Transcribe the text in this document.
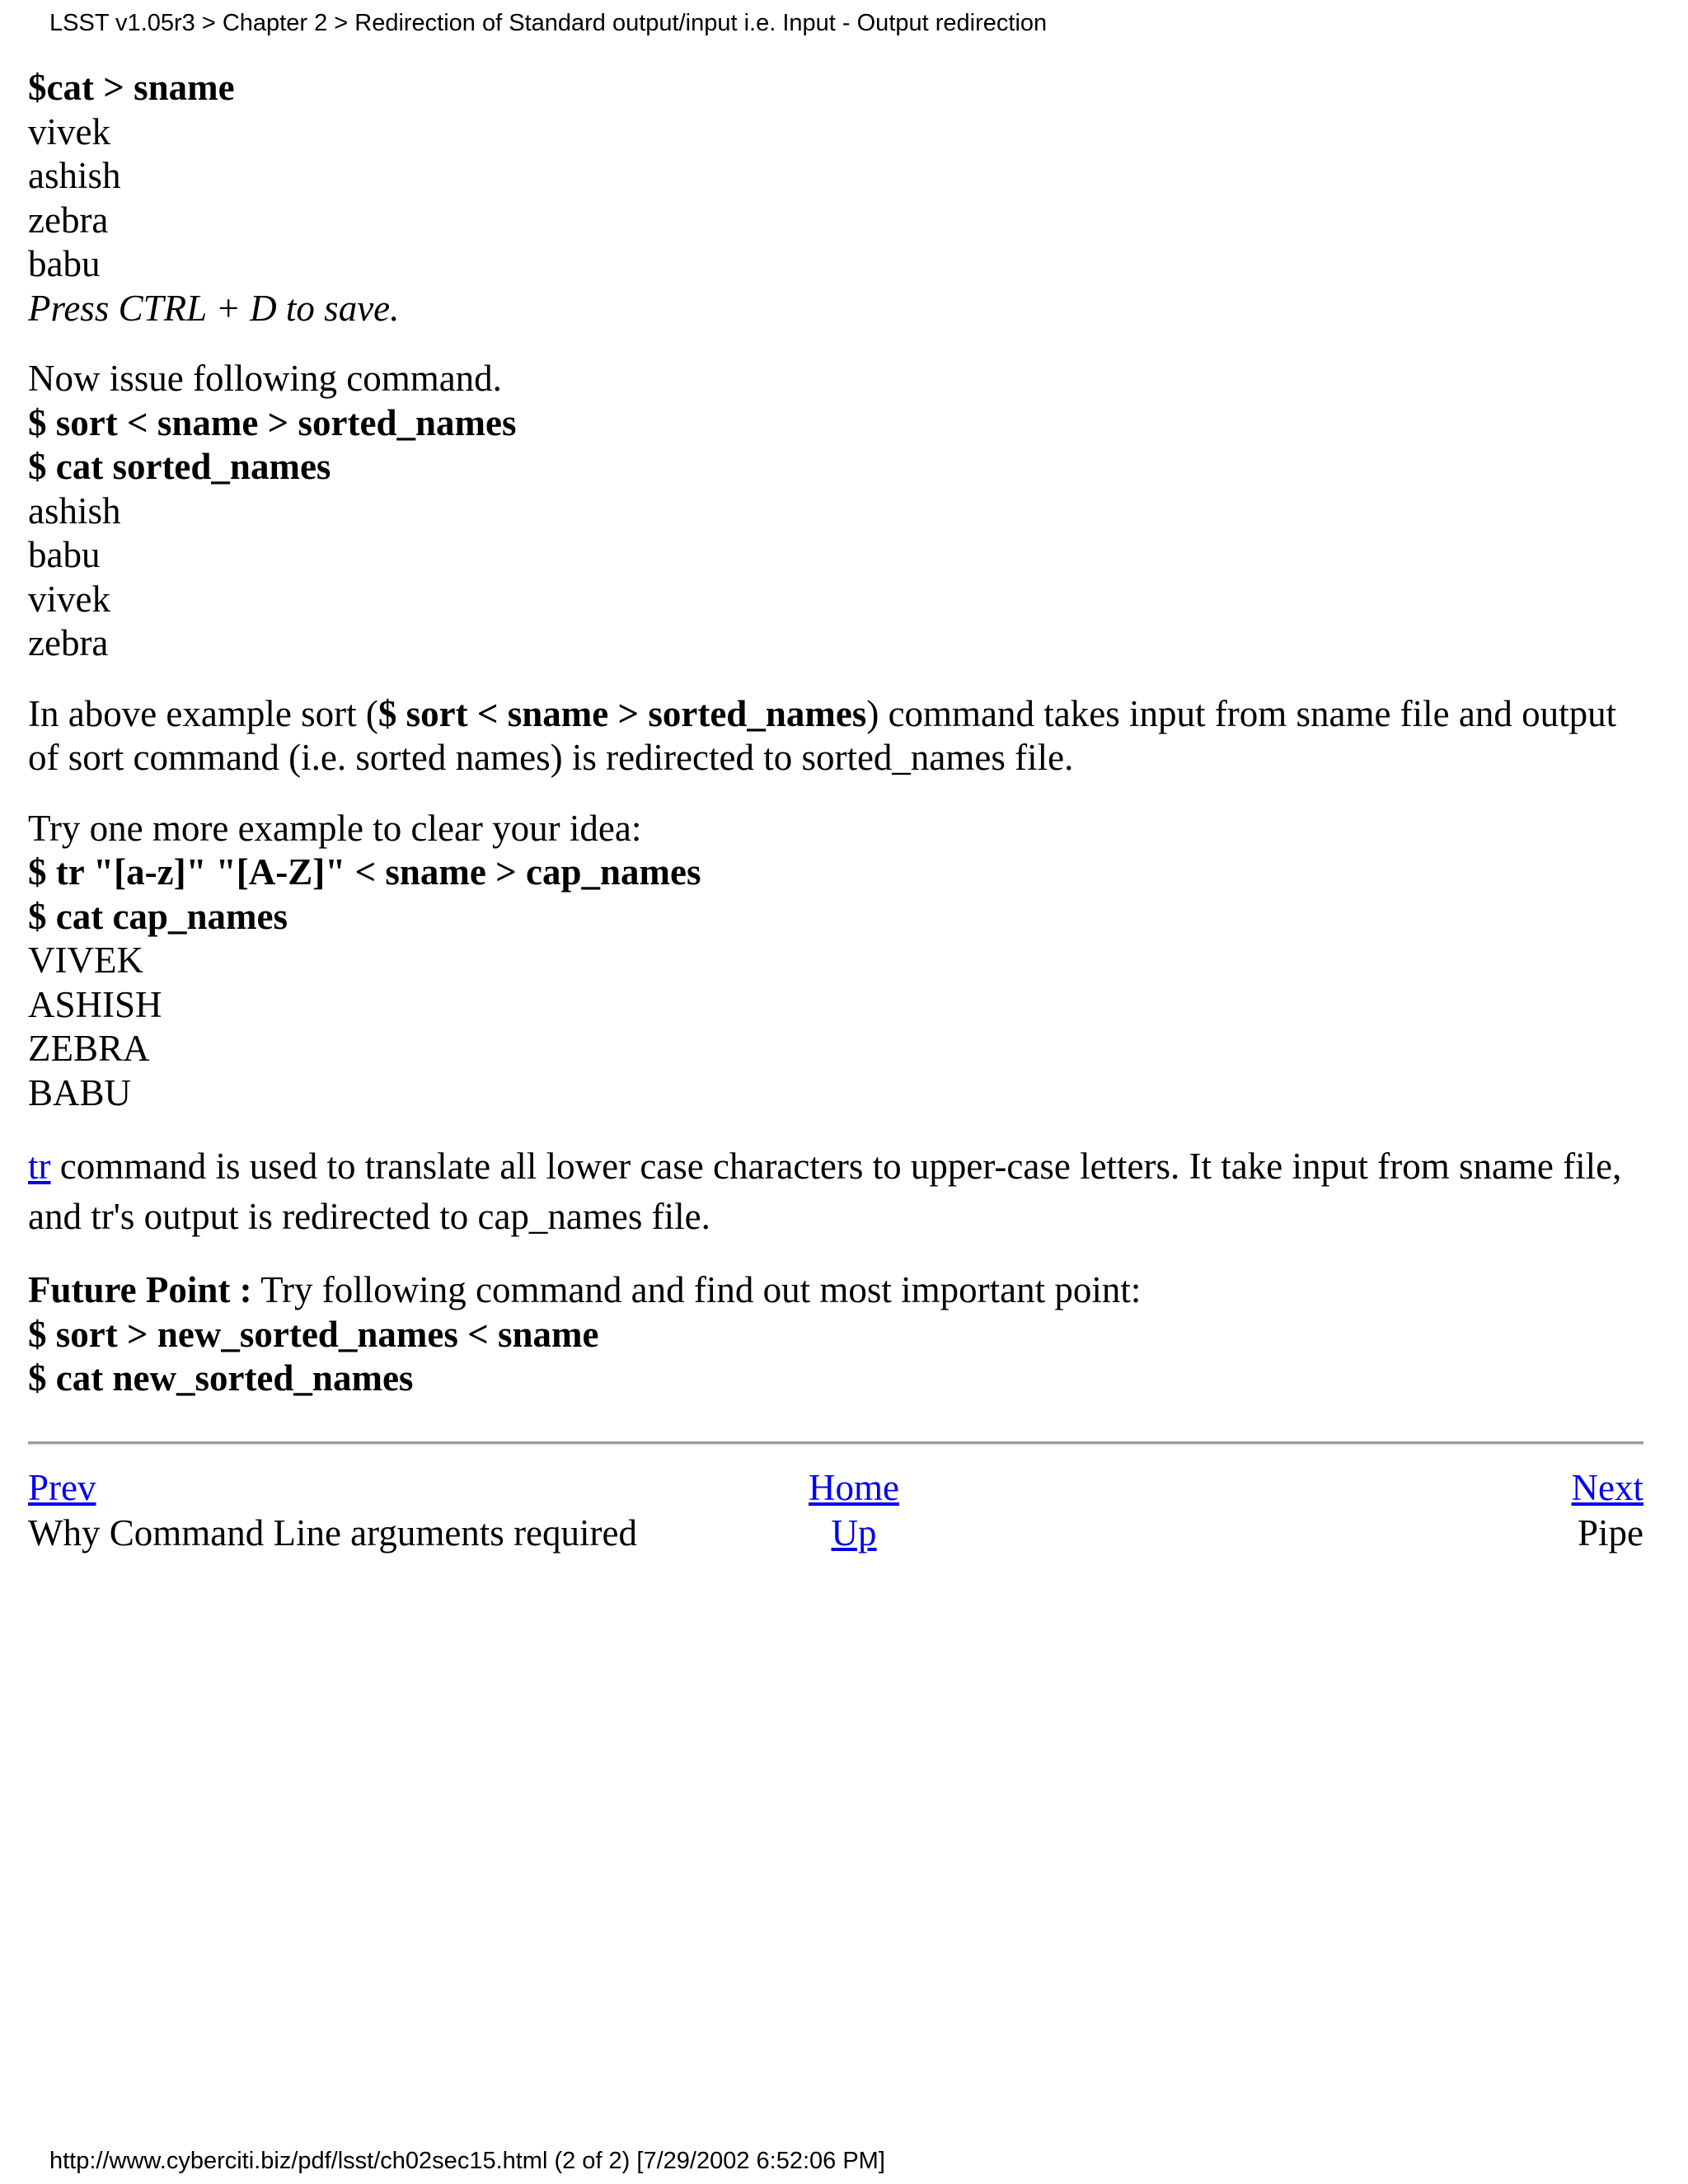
LSST v1.05r3 > Chapter 2 > Redirection of Standard output/input i.e. Input - Output redirection
$cat > sname
vivek
ashish
zebra
babu
Press CTRL + D to save.
Now issue following command.
$ sort < sname > sorted_names
$ cat sorted_names
ashish
babu
vivek
zebra
In above example sort ($ sort < sname > sorted_names) command takes input from sname file and output of sort command (i.e. sorted names) is redirected to sorted_names file.
Try one more example to clear your idea:
$ tr "[a-z]" "[A-Z]" < sname > cap_names
$ cat cap_names
VIVEK
ASHISH
ZEBRA
BABU
tr command is used to translate all lower case characters to upper-case letters. It take input from sname file, and tr's output is redirected to cap_names file.
Future Point : Try following command and find out most important point:
$ sort > new_sorted_names < sname
$ cat new_sorted_names
Prev
Why Command Line arguments required
Home
Up
Next
Pipe
http://www.cyberciti.biz/pdf/lsst/ch02sec15.html (2 of 2) [7/29/2002 6:52:06 PM]
